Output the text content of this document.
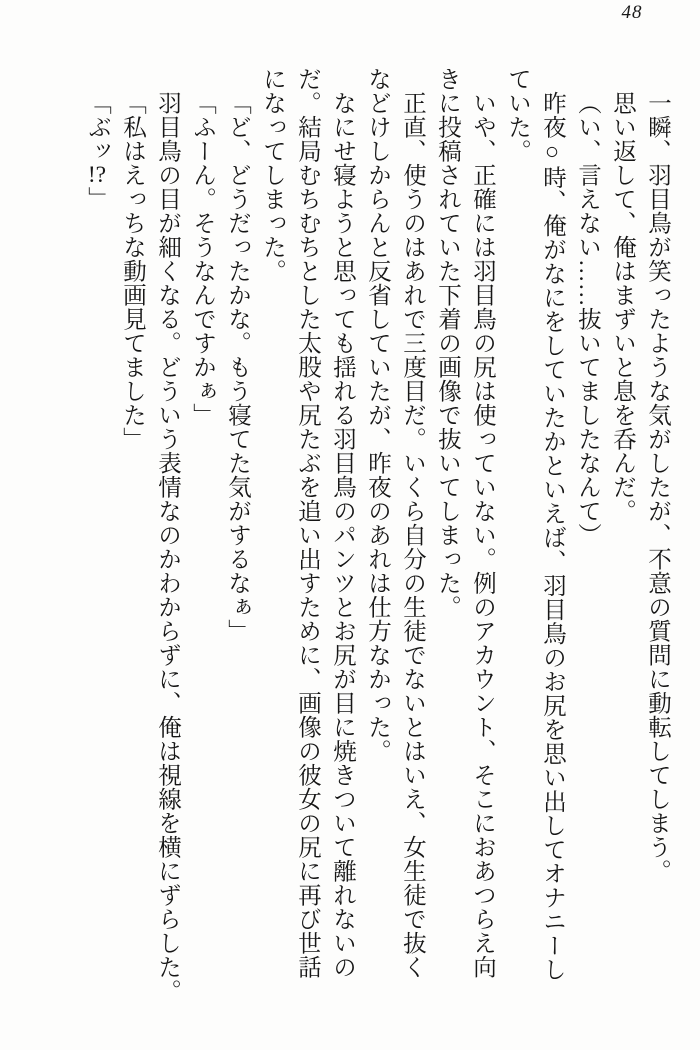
48

一瞬、羽目鳥が笑ったような気がしたが、不意の質問に動転してしまう。

思い返して、俺はまずいと息を呑んだ。

（い、言えない……抜いてましたなんて）

昨夜○時、俺がなにをしていたかといえば、羽目鳥のお尻を思い出してオナニーしていた。

いや、正確には羽目鳥の尻は使っていない。例のアカウント、そこにおあつらえ向きに投稿されていた下着の画像で抜いてしまった。

正直、使うのはあれで三度目だ。いくら自分の生徒でないとはいえ、女生徒で抜くなどけしからんと反省していたが、昨夜のあれは仕方なかった。

なにせ寝ようと思っても揺れる羽目鳥のパンツとお尻が目に焼きついて離れないのだ。結局むちむちとした太股や尻たぶを追い出すために、画像の彼女の尻に再び世話になってしまった。

「ど、どうだったかな。もう寝てた気がするなぁ」

「ふーん。そうなんですかぁ」

羽目鳥の目が細くなる。どういう表情なのかわからずに、俺は視線を横にずらした。

「私はえっちな動画見てました」

「ぶッ!?」
